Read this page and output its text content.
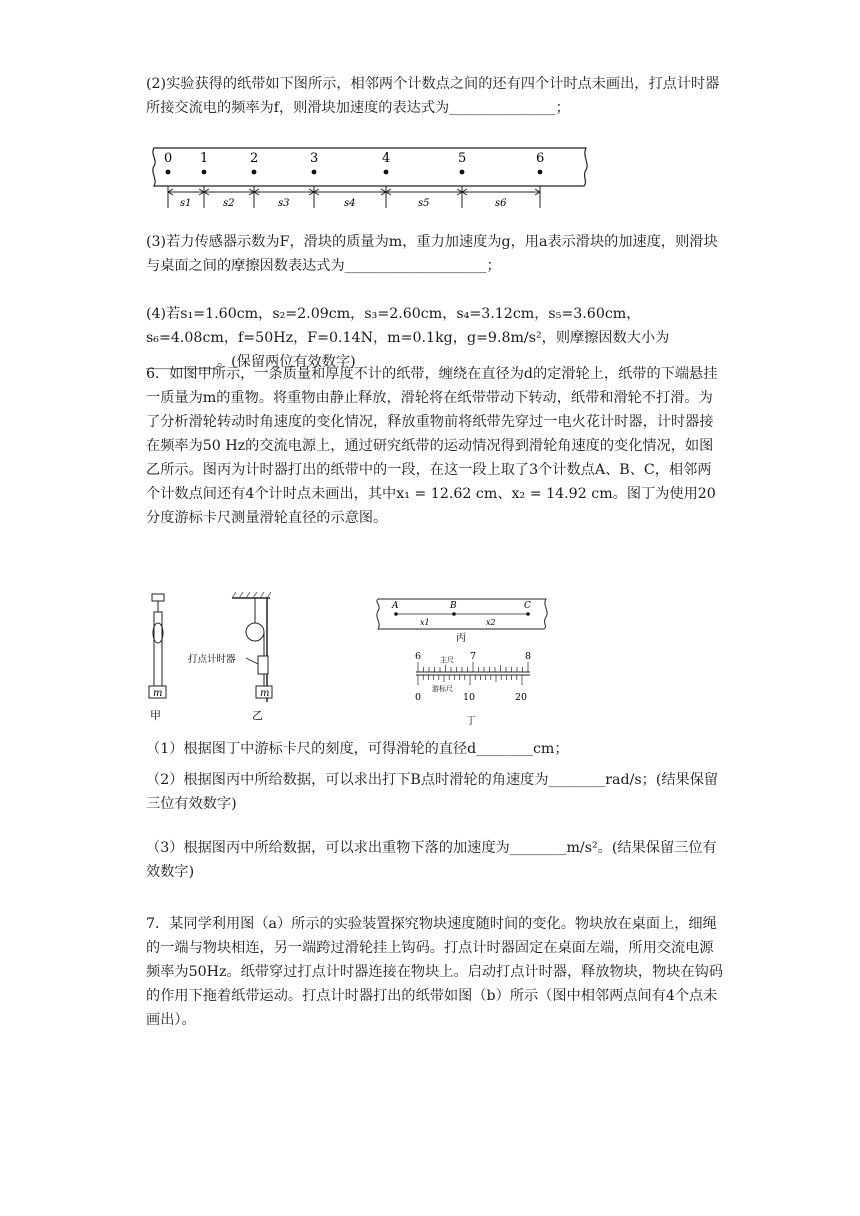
(2)实验获得的纸带如下图所示，相邻两个计数点之间的还有四个计时点未画出，打点计时器所接交流电的频率为f，则滑块加速度的表达式为_______________；

0 1	2	3	4	5	6
s1	s2	s3	s4	s5	s6

(3)若力传感器示数为F，滑块的质量为m，重力加速度为g，用a表示滑块的加速度，则滑块与桌面之间的摩擦因数表达式为____________________；

(4)若s₁=1.60cm，s₂=2.09cm，s₃=2.60cm，s₄=3.12cm，s₅=3.60cm，s₆=4.08cm，f=50Hz，F=0.14N，m=0.1kg，g=9.8m/s²，则摩擦因数大小为__________。(保留两位有效数字)

6．如图甲所示，一条质量和厚度不计的纸带，缠绕在直径为d的定滑轮上，纸带的下端悬挂一质量为m的重物。将重物由静止释放，滑轮将在纸带带动下转动，纸带和滑轮不打滑。为了分析滑轮转动时角速度的变化情况，释放重物前将纸带先穿过一电火花计时器，计时器接在频率为50 Hz的交流电源上，通过研究纸带的运动情况得到滑轮角速度的变化情况，如图乙所示。图丙为计时器打出的纸带中的一段，在这一段上取了3个计数点A、B、C，相邻两个计数点间还有4个计时点未画出，其中x₁ = 12.62 cm、x₂ = 14.92 cm。图丁为使用20分度游标卡尺测量滑轮直径的示意图。

m
甲
打点计时器
m
乙
A	B	C
x1	x2
丙
6	7	8
主尺
0	10	20
游标尺
丁
（1）根据图丁中游标卡尺的刻度，可得滑轮的直径d________cm；

（2）根据图丙中所给数据，可以求出打下B点时滑轮的角速度为________rad/s；(结果保留三位有效数字)

（3）根据图丙中所给数据，可以求出重物下落的加速度为________m/s²。(结果保留三位有效数字)

7．某同学利用图（a）所示的实验装置探究物块速度随时间的变化。物块放在桌面上，细绳的一端与物块相连，另一端跨过滑轮挂上钩码。打点计时器固定在桌面左端，所用交流电源频率为50Hz。纸带穿过打点计时器连接在物块上。启动打点计时器，释放物块，物块在钩码的作用下拖着纸带运动。打点计时器打出的纸带如图（b）所示（图中相邻两点间有4个点未画出）。
